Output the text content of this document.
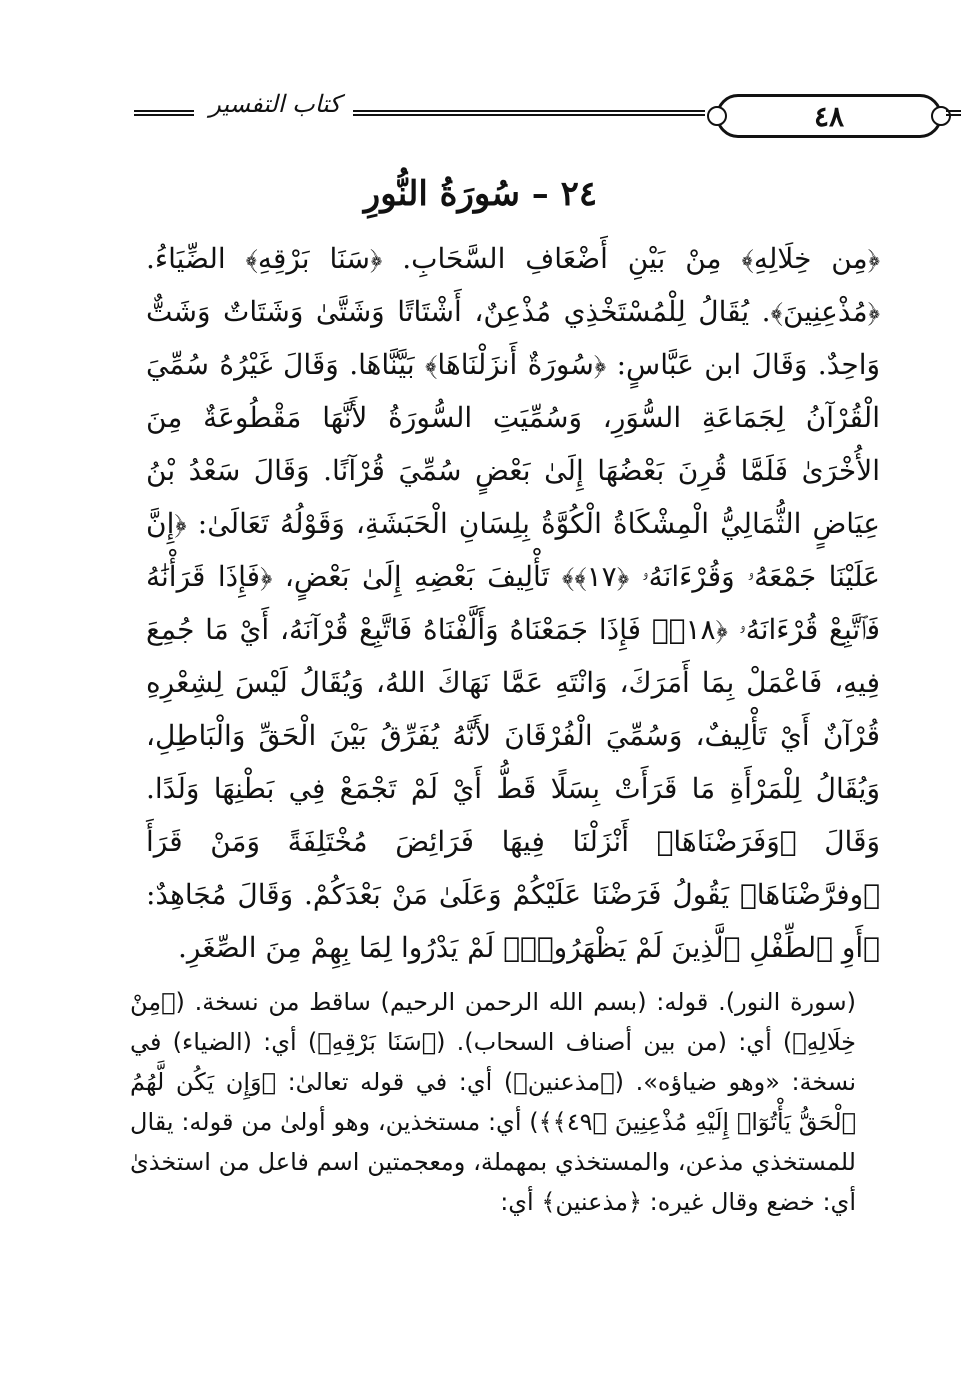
كتاب التفسير	٤٨
٢٤ – سُورَةُ النُّورِ

﴿مِن خِلَالِهِ﴾ مِنْ بَيْنِ أَضْعَافِ السَّحَابِ. ﴿سَنَا بَرْقِهِ﴾ الضِّيَاءُ. ﴿مُذْعِنِينَ﴾. يُقَالُ لِلْمُسْتَخْذِي مُذْعِنٌ، أَشْتَاتًا وَشَتَّىٰ وَشَتَاتٌ وَشَتٌّ وَاحِدٌ. وَقَالَ ابن عَبَّاسٍ: ﴿سُورَةٌ أَنزَلْنَاهَا﴾ بَيَّنَّاهَا. وَقَالَ غَيْرُهُ سُمِّيَ الْقُرْآنُ لِجَمَاعَةِ السُّوَرِ، وَسُمِّيَتِ السُّورَةُ لأَنَّهَا مَقْطُوعَةٌ مِنَ الأُخْرَىٰ فَلَمَّا قُرِنَ بَعْضُهَا إِلَىٰ بَعْضٍ سُمِّيَ قُرْآنًا. وَقَالَ سَعْدُ بْنُ عِيَاضٍ الثُّمَالِيُّ الْمِشْكَاةُ الْكُوَّةُ بِلِسَانِ الْحَبَشَةِ، وَقَوْلُهُ تَعَالَىٰ: ﴿إِنَّ عَلَيْنَا جَمْعَهُۥ وَقُرْءَانَهُۥ ﴿١٧﴾﴾ تَأْلِيفَ بَعْضِهِ إِلَىٰ بَعْضٍ، ﴿فَإِذَا قَرَأْنَٰهُ فَٱتَّبِعْ قُرْءَانَهُۥ ﴿١٨﴾﴾ فَإِذَا جَمَعْنَاهُ وَأَلَّفْنَاهُ فَاتَّبِعْ قُرْآنَهُ، أَيْ مَا جُمِعَ فِيهِ، فَاعْمَلْ بِمَا أَمَرَكَ، وَانْتَهِ عَمَّا نَهَاكَ اللهُ، وَيُقَالُ لَيْسَ لِشِعْرِهِ قُرْآنٌ أَيْ تَأْلِيفٌ، وَسُمِّيَ الْفُرْقَانَ لأَنَّهُ يُفَرِّقُ بَيْنَ الْحَقِّ وَالْبَاطِلِ، وَيُقَالُ لِلْمَرْأَةِ مَا قَرَأَتْ بِسَلًا قَطُّ أَيْ لَمْ تَجْمَعْ فِي بَطْنِهَا وَلَدًا. وَقَالَ ﴿وَفَرَضْنَاهَا﴾ أَنْزَلْنَا فِيهَا فَرَائِضَ مُخْتَلِفَةً وَمَنْ قَرَأَ ﴿وفرَّضْنَاهَا﴾ يَقُولُ فَرَضْنَا عَلَيْكُمْ وَعَلَىٰ مَنْ بَعْدَكُمْ. وَقَالَ مُجَاهِدٌ: ﴿أَوِ ٱلطِّفْلِ ٱلَّذِينَ لَمْ يَظْهَرُوا۟﴾ لَمْ يَدْرُوا لِمَا بِهِمْ مِنَ الصِّغَرِ.

(سورة النور). قوله: (بسم الله الرحمن الرحيم) ساقط من نسخة. (﴿مِنْ خِلَالِهِ﴾) أي: (من بين أصناف السحاب). (﴿سَنَا بَرْقِهِ﴾) أي: (الضياء) في نسخة: «وهو ضياؤه». (﴿مذعنين﴾) أي: في قوله تعالىٰ: ﴿وَإِن يَكُن لَّهُمُ ٱلْحَقُّ يَأْتُوٓا۟ إِلَيْهِ مُذْعِنِينَ ﴿٤٩﴾﴾) أي: مستخذين، وهو أولىٰ من قوله: يقال للمستخذي مذعن، والمستخذي بمهملة، ومعجمتين اسم فاعل من استخذىٰ أي: خضع وقال غيره: ﴿مذعنين﴾ أي:
